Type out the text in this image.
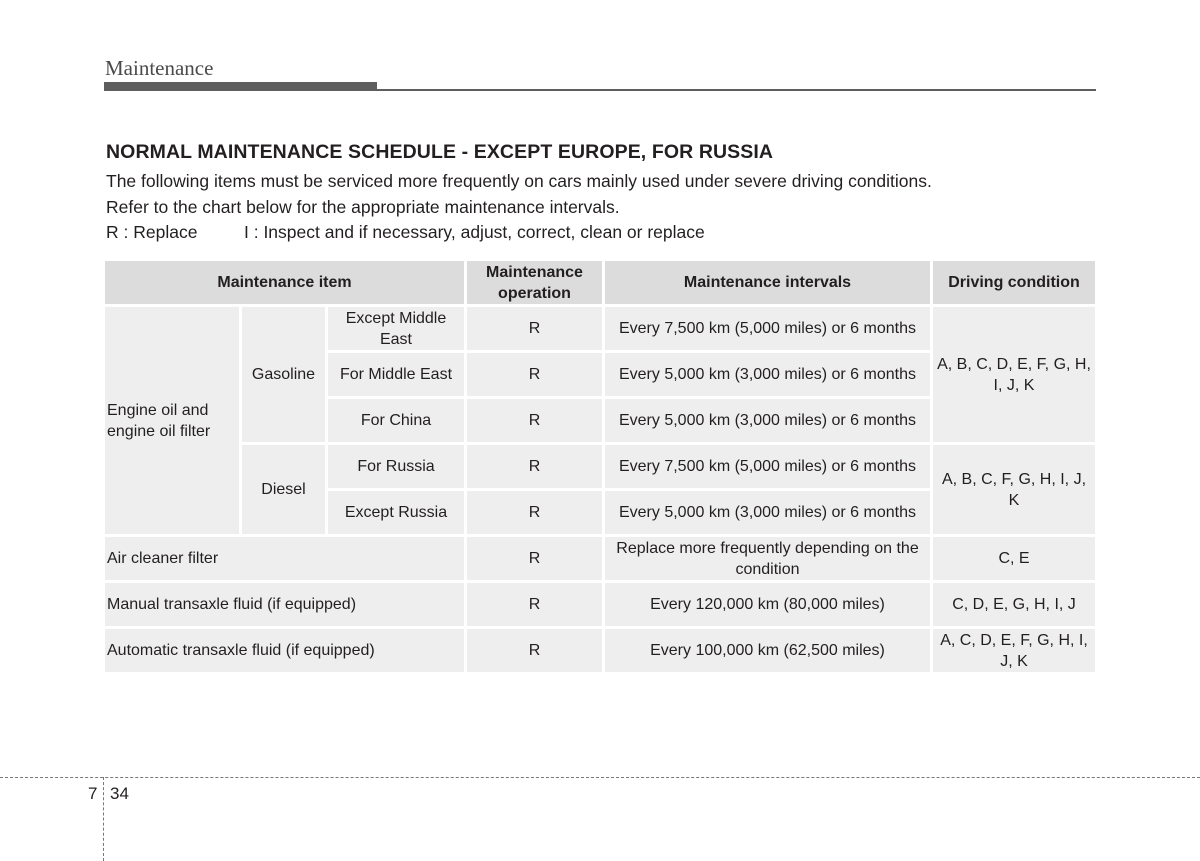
Maintenance
NORMAL MAINTENANCE SCHEDULE - EXCEPT EUROPE, FOR RUSSIA
The following items must be serviced more frequently on cars mainly used under severe driving conditions.
Refer to the chart below for the appropriate maintenance intervals.
R : Replace	I : Inspect and if necessary, adjust, correct, clean or replace
Maintenance item			Maintenance operation	Maintenance intervals	Driving condition
Engine oil and engine oil filter	Gasoline	Except Middle East	R	Every 7,500 km (5,000 miles) or 6 months	A, B, C, D, E, F, G, H, I, J, K
		For Middle East	R	Every 5,000 km (3,000 miles) or 6 months	
		For China	R	Every 5,000 km (3,000 miles) or 6 months	
	Diesel	For Russia	R	Every 7,500 km (5,000 miles) or 6 months	A, B, C, F, G, H, I, J, K
		Except Russia	R	Every 5,000 km (3,000 miles) or 6 months	
Air cleaner filter			R	Replace more frequently depending on the condition	C, E
Manual transaxle fluid (if equipped)			R	Every 120,000 km (80,000 miles)	C, D, E, G, H, I, J
Automatic transaxle fluid (if equipped)			R	Every 100,000 km (62,500 miles)	A, C, D, E, F, G, H, I, J, K
7 34
